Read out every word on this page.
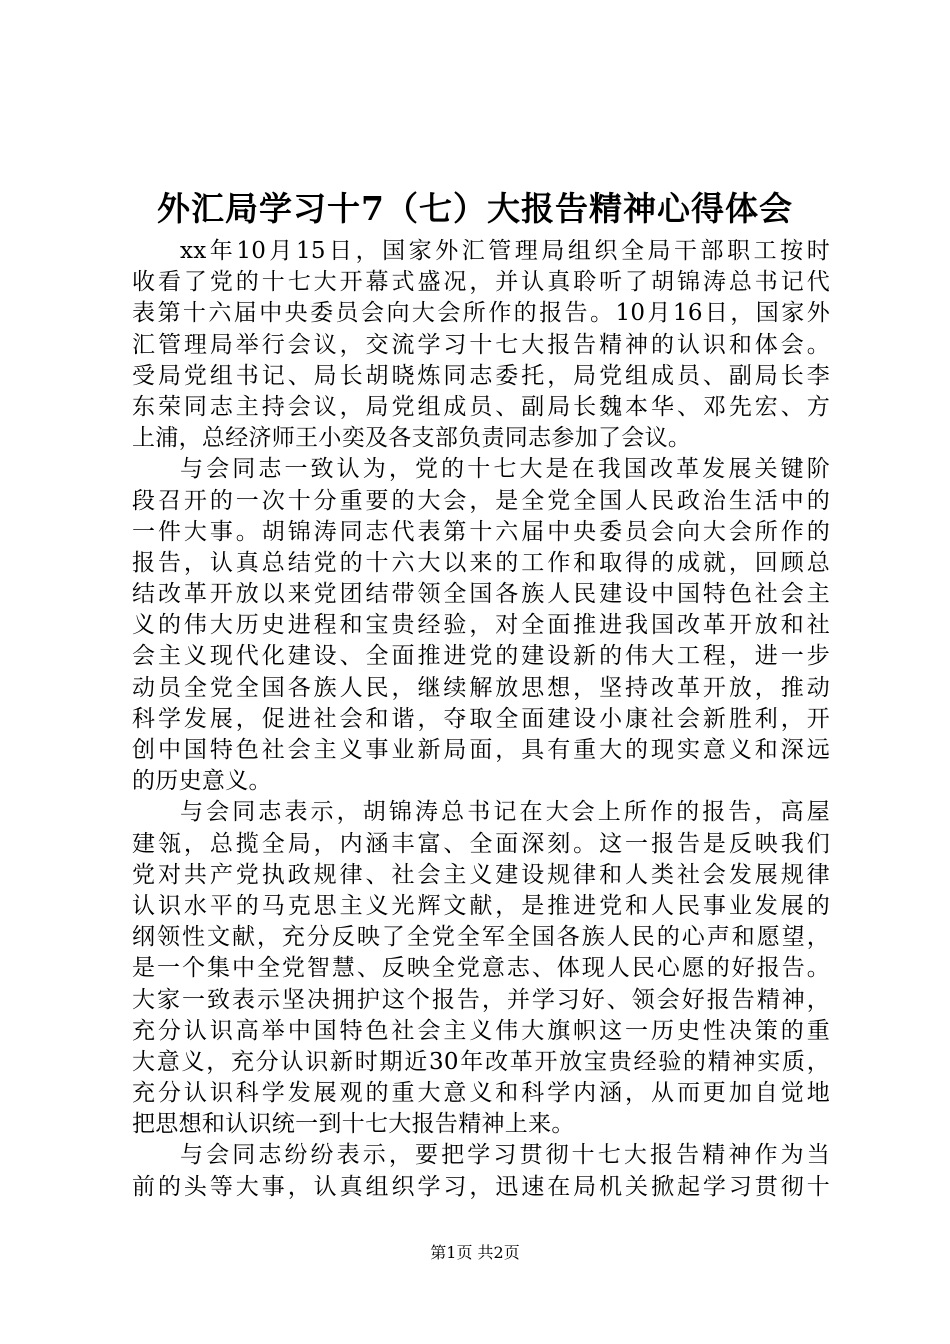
外汇局学习十7（七）大报告精神心得体会
xx年10月15日，国家外汇管理局组织全局干部职工按时
收看了党的十七大开幕式盛况，并认真聆听了胡锦涛总书记代
表第十六届中央委员会向大会所作的报告。10月16日，国家外
汇管理局举行会议，交流学习十七大报告精神的认识和体会。
受局党组书记、局长胡晓炼同志委托，局党组成员、副局长李
东荣同志主持会议，局党组成员、副局长魏本华、邓先宏、方
上浦，总经济师王小奕及各支部负责同志参加了会议。
与会同志一致认为，党的十七大是在我国改革发展关键阶
段召开的一次十分重要的大会，是全党全国人民政治生活中的
一件大事。胡锦涛同志代表第十六届中央委员会向大会所作的
报告，认真总结党的十六大以来的工作和取得的成就，回顾总
结改革开放以来党团结带领全国各族人民建设中国特色社会主
义的伟大历史进程和宝贵经验，对全面推进我国改革开放和社
会主义现代化建设、全面推进党的建设新的伟大工程，进一步
动员全党全国各族人民，继续解放思想，坚持改革开放，推动
科学发展，促进社会和谐，夺取全面建设小康社会新胜利，开
创中国特色社会主义事业新局面，具有重大的现实意义和深远
的历史意义。
与会同志表示，胡锦涛总书记在大会上所作的报告，高屋
建瓴，总揽全局，内涵丰富、全面深刻。这一报告是反映我们
党对共产党执政规律、社会主义建设规律和人类社会发展规律
认识水平的马克思主义光辉文献，是推进党和人民事业发展的
纲领性文献，充分反映了全党全军全国各族人民的心声和愿望，
是一个集中全党智慧、反映全党意志、体现人民心愿的好报告。
大家一致表示坚决拥护这个报告，并学习好、领会好报告精神，
充分认识高举中国特色社会主义伟大旗帜这一历史性决策的重
大意义，充分认识新时期近30年改革开放宝贵经验的精神实质，
充分认识科学发展观的重大意义和科学内涵，从而更加自觉地
把思想和认识统一到十七大报告精神上来。
与会同志纷纷表示，要把学习贯彻十七大报告精神作为当
前的头等大事，认真组织学习，迅速在局机关掀起学习贯彻十
第1页 共2页
